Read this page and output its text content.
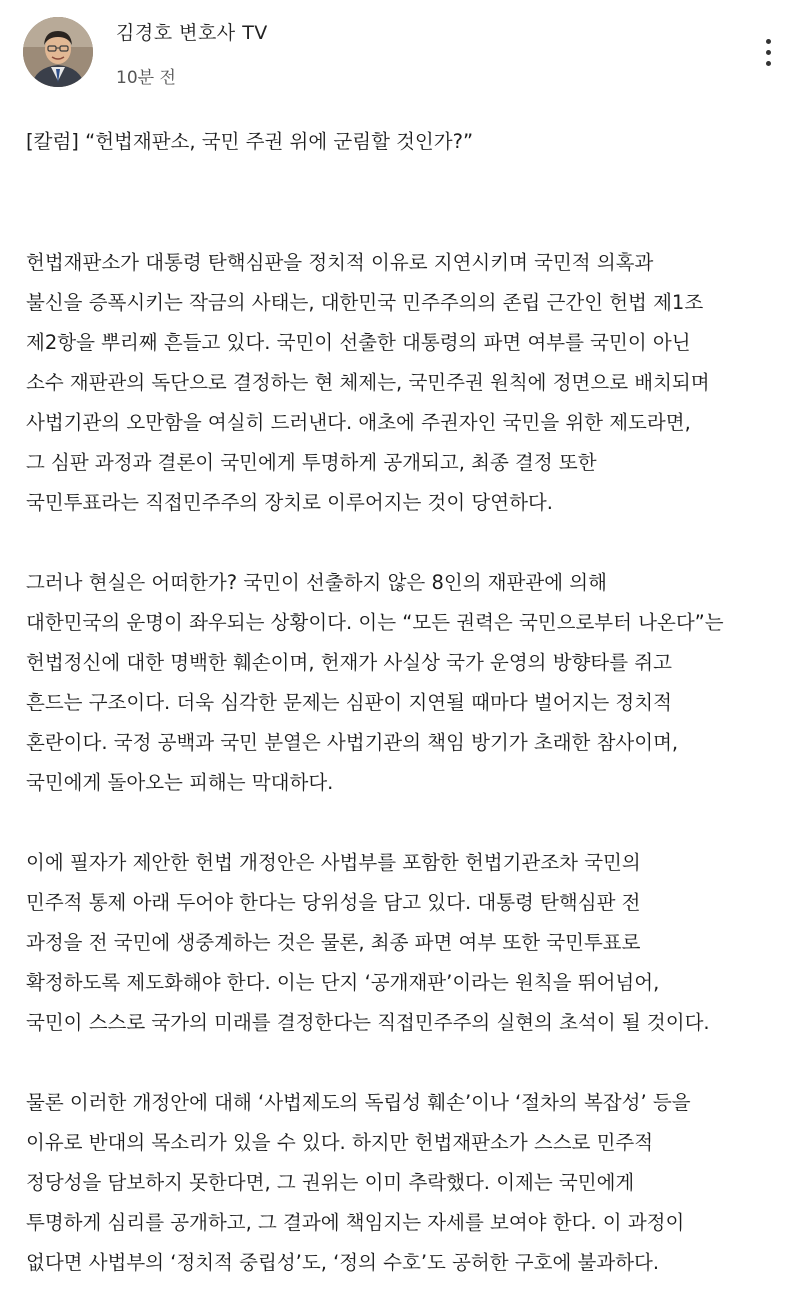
김경호 변호사 TV
10분 전

[칼럼] “헌법재판소, 국민 주권 위에 군림할 것인가?”

헌법재판소가 대통령 탄핵심판을 정치적 이유로 지연시키며 국민적 의혹과
불신을 증폭시키는 작금의 사태는, 대한민국 민주주의의 존립 근간인 헌법 제1조
제2항을 뿌리째 흔들고 있다. 국민이 선출한 대통령의 파면 여부를 국민이 아닌
소수 재판관의 독단으로 결정하는 현 체제는, 국민주권 원칙에 정면으로 배치되며
사법기관의 오만함을 여실히 드러낸다. 애초에 주권자인 국민을 위한 제도라면,
그 심판 과정과 결론이 국민에게 투명하게 공개되고, 최종 결정 또한
국민투표라는 직접민주주의 장치로 이루어지는 것이 당연하다.

그러나 현실은 어떠한가? 국민이 선출하지 않은 8인의 재판관에 의해
대한민국의 운명이 좌우되는 상황이다. 이는 “모든 권력은 국민으로부터 나온다”는
헌법정신에 대한 명백한 훼손이며, 헌재가 사실상 국가 운영의 방향타를 쥐고
흔드는 구조이다. 더욱 심각한 문제는 심판이 지연될 때마다 벌어지는 정치적
혼란이다. 국정 공백과 국민 분열은 사법기관의 책임 방기가 초래한 참사이며,
국민에게 돌아오는 피해는 막대하다.

이에 필자가 제안한 헌법 개정안은 사법부를 포함한 헌법기관조차 국민의
민주적 통제 아래 두어야 한다는 당위성을 담고 있다. 대통령 탄핵심판 전
과정을 전 국민에 생중계하는 것은 물론, 최종 파면 여부 또한 국민투표로
확정하도록 제도화해야 한다. 이는 단지 ‘공개재판’이라는 원칙을 뛰어넘어,
국민이 스스로 국가의 미래를 결정한다는 직접민주주의 실현의 초석이 될 것이다.

물론 이러한 개정안에 대해 ‘사법제도의 독립성 훼손’이나 ‘절차의 복잡성’ 등을
이유로 반대의 목소리가 있을 수 있다. 하지만 헌법재판소가 스스로 민주적
정당성을 담보하지 못한다면, 그 권위는 이미 추락했다. 이제는 국민에게
투명하게 심리를 공개하고, 그 결과에 책임지는 자세를 보여야 한다. 이 과정이
없다면 사법부의 ‘정치적 중립성’도, ‘정의 수호’도 공허한 구호에 불과하다.
